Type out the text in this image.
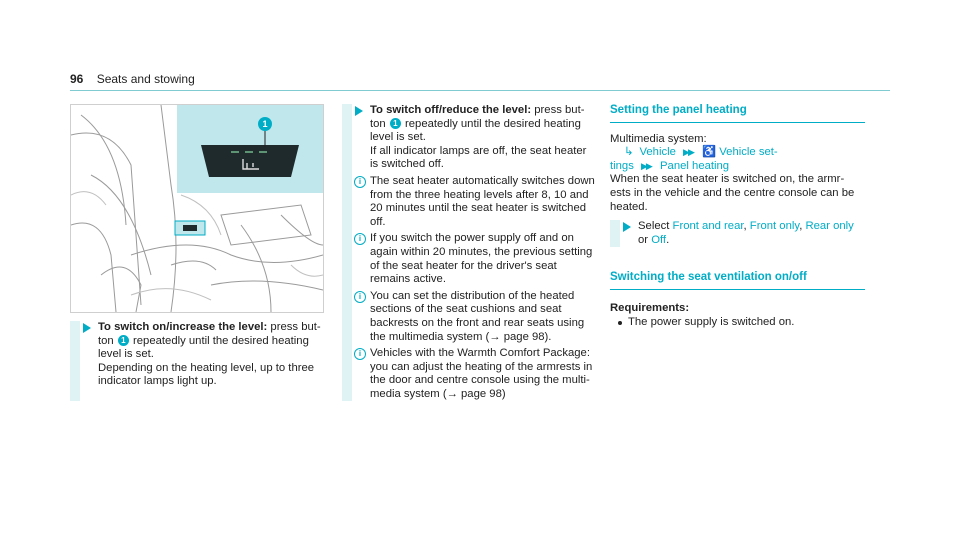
96 Seats and stowing
1
To switch on/increase the level: press but-
ton 1 repeatedly until the desired heating
level is set.
Depending on the heating level, up to three
indicator lamps light up.
To switch off/reduce the level: press but-
ton 1 repeatedly until the desired heating
level is set.
If all indicator lamps are off, the seat heater
is switched off.
i The seat heater automatically switches down
from the three heating levels after 8, 10 and
20 minutes until the seat heater is switched
off.
i If you switch the power supply off and on
again within 20 minutes, the previous setting
of the seat heater for the driver's seat
remains active.
i You can set the distribution of the heated
sections of the seat cushions and seat
backrests on the front and rear seats using
the multimedia system (→ page 98).
i Vehicles with the Warmth Comfort Package:
you can adjust the heating of the armrests in
the door and centre console using the multi-
media system (→ page 98)
Setting the panel heating
Multimedia system:
↳ Vehicle ▶▶ ♿ Vehicle set-
tings ▶▶ Panel heating
When the seat heater is switched on, the armr-
ests in the vehicle and the centre console can be
heated.
Select Front and rear, Front only, Rear only
or Off.
Switching the seat ventilation on/off
Requirements:
The power supply is switched on.
